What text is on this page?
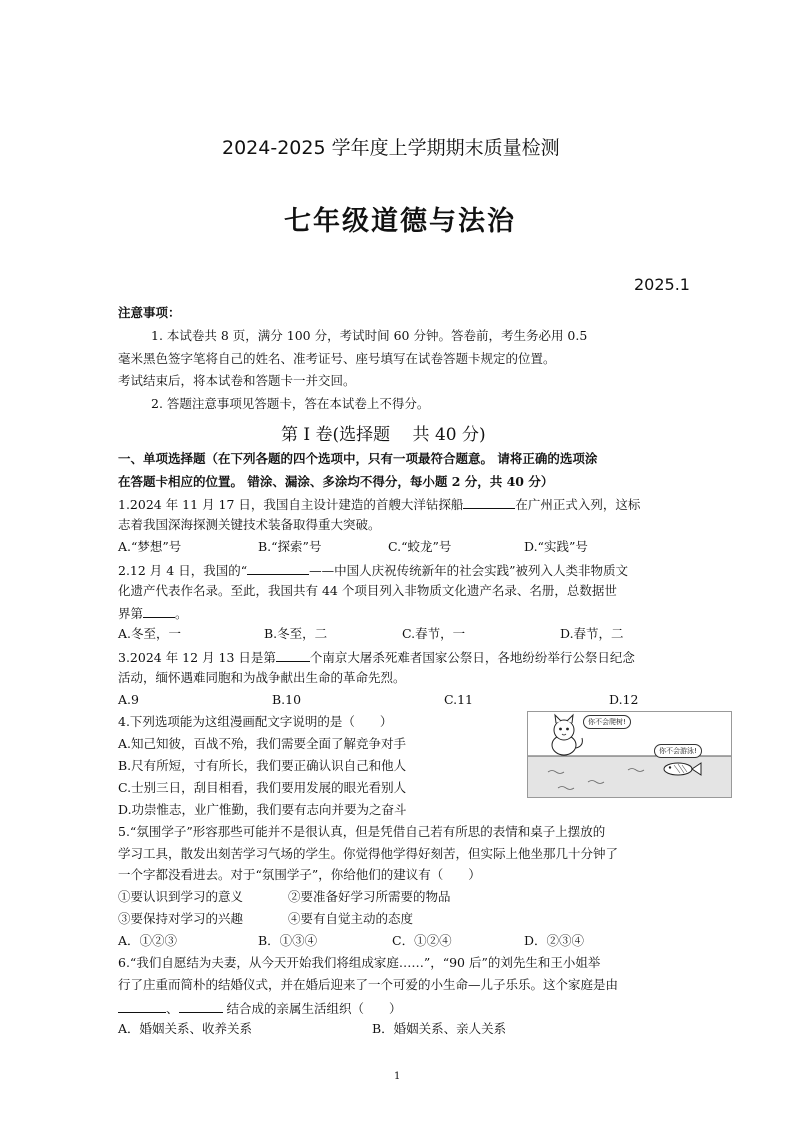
2024-2025 学年度上学期期末质量检测
七年级道德与法治
2025.1
注意事项：
1. 本试卷共 8 页，满分 100 分，考试时间 60 分钟。答卷前，考生务必用 0.5
毫米黑色签字笔将自己的姓名、准考证号、座号填写在试卷答题卡规定的位置。
考试结束后，将本试卷和答题卡一并交回。
2. 答题注意事项见答题卡，答在本试卷上不得分。
第 I 卷(选择题　 共 40 分)
一、单项选择题（在下列各题的四个选项中，只有一项最符合题意。 请将正确的选项涂
在答题卡相应的位置。 错涂、漏涂、多涂均不得分，每小题 2 分，共 40 分）
1.2024 年 11 月 17 日，我国自主设计建造的首艘大洋钻探船	在广州正式入列，这标
志着我国深海探测关键技术装备取得重大突破。
A.“梦想”号	B.“探索”号	C.“蛟龙”号	D.“实践”号
2.12 月 4 日，我国的“	——中国人庆祝传统新年的社会实践”被列入人类非物质文
化遗产代表作名录。至此，我国共有 44 个项目列入非物质文化遗产名录、名册，总数据世
界第	。
A.冬至，一	B.冬至，二	C.春节，一	D.春节，二
3.2024 年 12 月 13 日是第	个南京大屠杀死难者国家公祭日，各地纷纷举行公祭日纪念
活动，缅怀遇难同胞和为战争献出生命的革命先烈。
A.9	B.10	C.11	D.12
4.下列选项能为这组漫画配文字说明的是（　　）
A.知己知彼，百战不殆，我们需要全面了解竞争对手
B.尺有所短，寸有所长，我们要正确认识自己和他人
C.士别三日，刮目相看，我们要用发展的眼光看别人
D.功崇惟志，业广惟勤，我们要有志向并要为之奋斗
你不会爬树!
你不会游泳!
5.“氛围学子”形容那些可能并不是很认真，但是凭借自己若有所思的表情和桌子上摆放的
学习工具，散发出刻苦学习气场的学生。你觉得他学得好刻苦，但实际上他坐那几十分钟了
一个字都没看进去。对于“氛围学子”，你给他们的建议有（　　）
①要认识到学习的意义	②要准备好学习所需要的物品
③要保持对学习的兴趣	④要有自觉主动的态度
A．①②③	B．①③④	C．①②④	D．②③④
6.“我们自愿结为夫妻，从今天开始我们将组成家庭……”，“90 后”的刘先生和王小姐举
行了庄重而简朴的结婚仪式，并在婚后迎来了一个可爱的小生命—儿子乐乐。这个家庭是由
、	结合成的亲属生活组织（　　）
A．婚姻关系、收养关系	B．婚姻关系、亲人关系
1
